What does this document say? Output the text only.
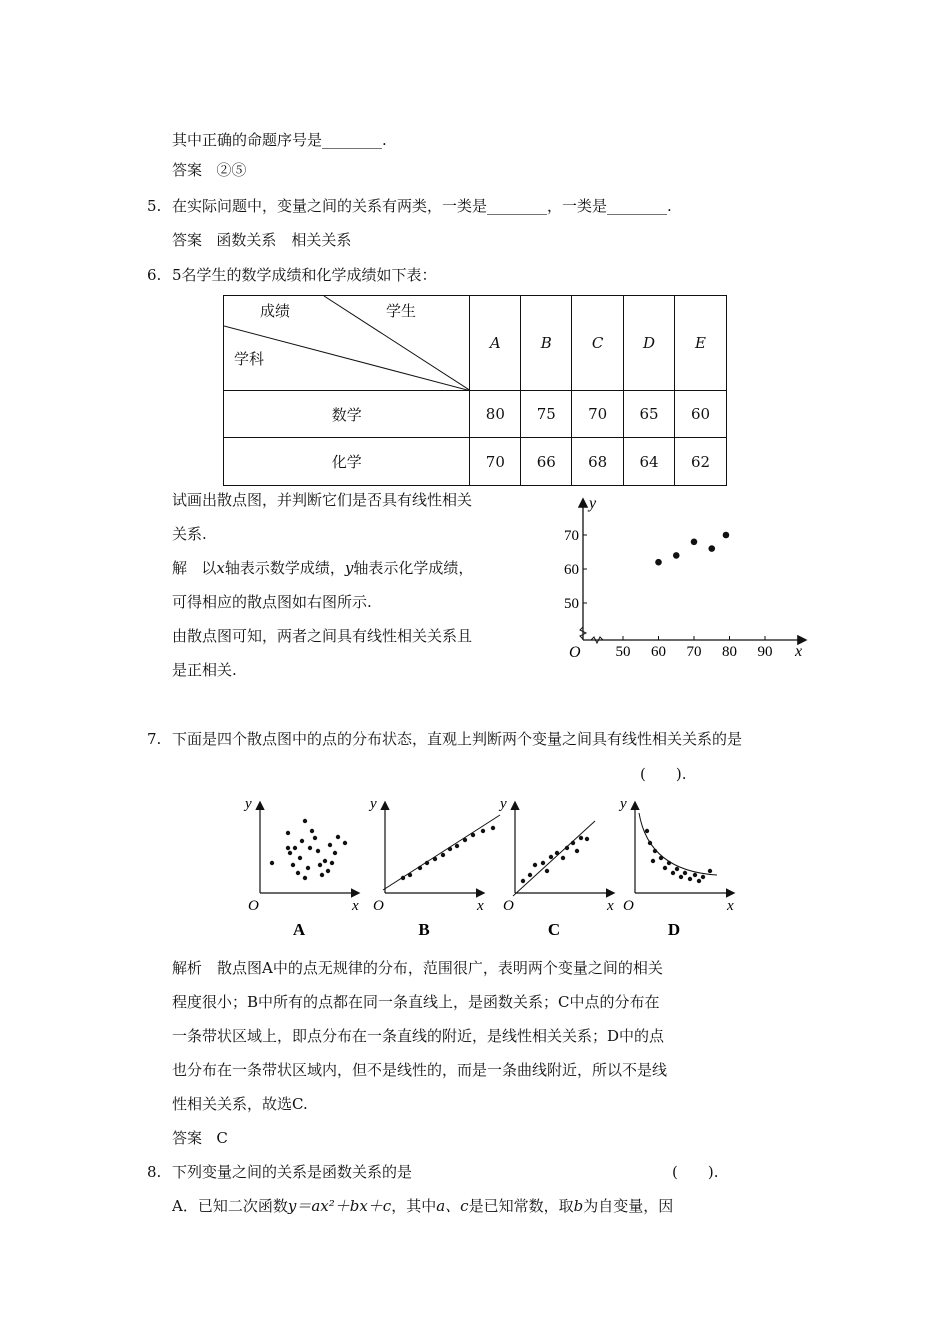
其中正确的命题序号是________.
答案 ②⑤
5. 在实际问题中，变量之间的关系有两类，一类是________，一类是________.
答案 函数关系　相关关系
6. 5名学生的数学成绩和化学成绩如下表：
成绩 学生
学科	A	B	C	D	E
数学	80	75	70	65	60
化学	70	66	68	64	62
试画出散点图，并判断它们是否具有线性相关
关系.
解 以x轴表示数学成绩，y轴表示化学成绩，
可得相应的散点图如右图所示.
由散点图可知，两者之间具有线性相关关系且
是正相关.
50 60 70 80 90
50
60
70
O	x
y
7. 下面是四个散点图中的点的分布状态，直观上判断两个变量之间具有线性相关关系的是
(　　).
y
x
O
A
y
x
O
B
y
x
O
C
y
x
O
D
解析　散点图A中的点无规律的分布，范围很广，表明两个变量之间的相关
程度很小；B中所有的点都在同一条直线上，是函数关系；C中点的分布在
一条带状区域上，即点分布在一条直线的附近，是线性相关关系；D中的点
也分布在一条带状区域内，但不是线性的，而是一条曲线附近，所以不是线
性相关关系，故选C.
答案 C
8. 下列变量之间的关系是函数关系的是	(　　).
A．已知二次函数y＝ax²＋bx＋c，其中a、c是已知常数，取b为自变量，因
